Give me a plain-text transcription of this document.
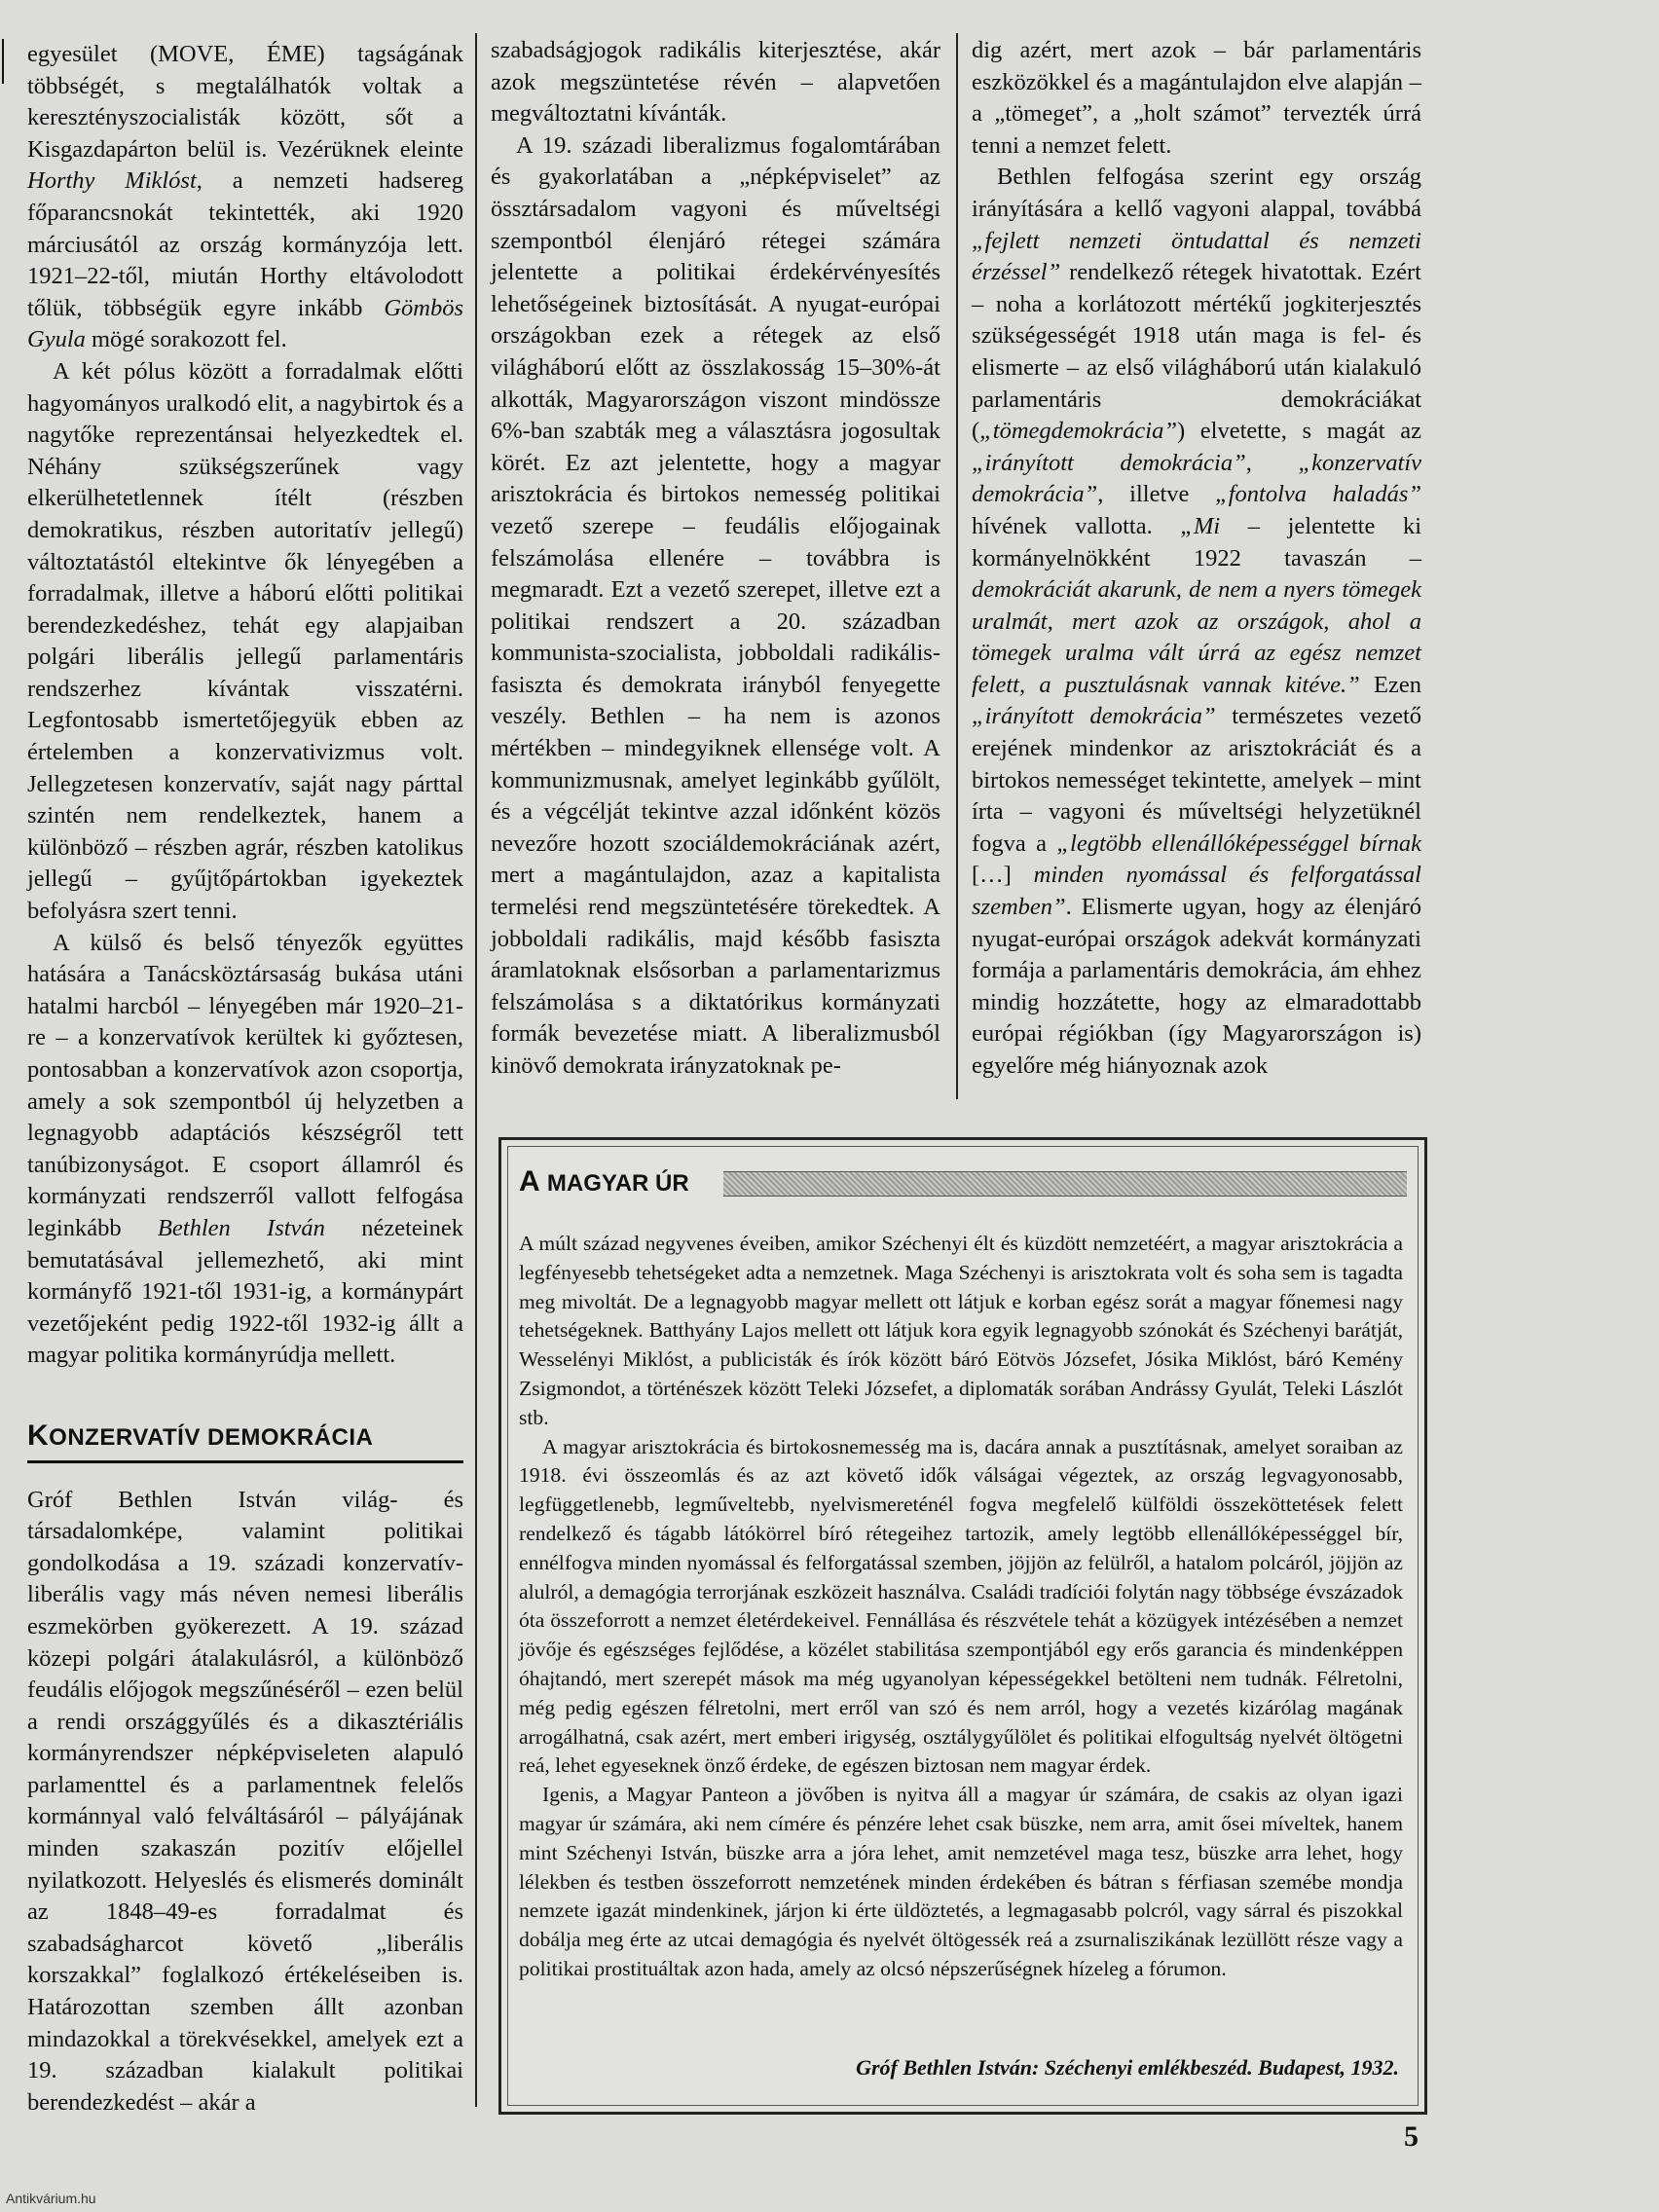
egyesület (MOVE, ÉME) tagságának többségét, s megtalálhatók voltak a keresztényszocialisták között, sőt a Kisgazdapárton belül is. Vezérüknek eleinte Horthy Miklóst, a nemzeti hadsereg főparancsnokát tekintették, aki 1920 márciusától az ország kormányzója lett. 1921–22-től, miután Horthy eltávolodott tőlük, többségük egyre inkább Gömbös Gyula mögé sorakozott fel.

A két pólus között a forradalmak előtti hagyományos uralkodó elit, a nagybirtok és a nagytőke reprezentánsai helyezkedtek el. Néhány szükségszerűnek vagy elkerülhetetlennek ítélt (részben demokratikus, részben autoritatív jellegű) változtatástól eltekintve ők lényegében a forradalmak, illetve a háború előtti politikai berendezkedéshez, tehát egy alapjaiban polgári liberális jellegű parlamentáris rendszerhez kívántak visszatérni. Legfontosabb ismertetőjegyük ebben az értelemben a konzervativizmus volt. Jellegzetesen konzervatív, saját nagy párttal szintén nem rendelkeztek, hanem a különböző – részben agrár, részben katolikus jellegű – gyűjtőpártokban igyekeztek befolyásra szert tenni.

A külső és belső tényezők együttes hatására a Tanácsköztársaság bukása utáni hatalmi harcból – lényegében már 1920–21-re – a konzervatívok kerültek ki győztesen, pontosabban a konzervatívok azon csoportja, amely a sok szempontból új helyzetben a legnagyobb adaptációs készségről tett tanúbizonyságot. E csoport államról és kormányzati rendszerről vallott felfogása leginkább Bethlen István nézeteinek bemutatásával jellemezhető, aki mint kormányfő 1921-től 1931-ig, a kormánypárt vezetőjeként pedig 1922-től 1932-ig állt a magyar politika kormányrúdja mellett.

KONZERVATÍV DEMOKRÁCIA

Gróf Bethlen István világ- és társadalomképe, valamint politikai gondolkodása a 19. századi konzervatív-liberális vagy más néven nemesi liberális eszmekörben gyökerezett. A 19. század közepi polgári átalakulásról, a különböző feudális előjogok megszűnéséről – ezen belül a rendi országgyűlés és a dikasztériális kormányrendszer népképviseleten alapuló parlamenttel és a parlamentnek felelős kormánnyal való felváltásáról – pályájának minden szakaszán pozitív előjellel nyilatkozott. Helyeslés és elismerés dominált az 1848–49-es forradalmat és szabadságharcot követő „liberális korszakkal” foglalkozó értékeléseiben is. Határozottan szemben állt azonban mindazokkal a törekvésekkel, amelyek ezt a 19. században kialakult politikai berendezkedést – akár a

szabadságjogok radikális kiterjesztése, akár azok megszüntetése révén – alapvetően megváltoztatni kívánták.

A 19. századi liberalizmus fogalomtárában és gyakorlatában a „népképviselet” az össztársadalom vagyoni és műveltségi szempontból élenjáró rétegei számára jelentette a politikai érdekérvényesítés lehetőségeinek biztosítását. A nyugat-európai országokban ezek a rétegek az első világháború előtt az összlakosság 15–30%-át alkották, Magyarországon viszont mindössze 6%-ban szabták meg a választásra jogosultak körét. Ez azt jelentette, hogy a magyar arisztokrácia és birtokos nemesség politikai vezető szerepe – feudális előjogainak felszámolása ellenére – továbbra is megmaradt. Ezt a vezető szerepet, illetve ezt a politikai rendszert a 20. században kommunista-szocialista, jobboldali radikális-fasiszta és demokrata irányból fenyegette veszély. Bethlen – ha nem is azonos mértékben – mindegyiknek ellensége volt. A kommunizmusnak, amelyet leginkább gyűlölt, és a végcélját tekintve azzal időnként közös nevezőre hozott szociáldemokráciának azért, mert a magántulajdon, azaz a kapitalista termelési rend megszüntetésére törekedtek. A jobboldali radikális, majd később fasiszta áramlatoknak elsősorban a parlamentarizmus felszámolása s a diktatórikus kormányzati formák bevezetése miatt. A liberalizmusból kinövő demokrata irányzatoknak pe-

dig azért, mert azok – bár parlamentáris eszközökkel és a magántulajdon elve alapján – a „tömeget”, a „holt számot” tervezték úrrá tenni a nemzet felett.

Bethlen felfogása szerint egy ország irányítására a kellő vagyoni alappal, továbbá „fejlett nemzeti öntudattal és nemzeti érzéssel” rendelkező rétegek hivatottak. Ezért – noha a korlátozott mértékű jogkiterjesztés szükségességét 1918 után maga is fel- és elismerte – az első világháború után kialakuló parlamentáris demokráciákat („tömegdemokrácia”) elvetette, s magát az „irányított demokrácia”, „konzervatív demokrácia”, illetve „fontolva haladás” hívének vallotta. „Mi – jelentette ki kormányelnökként 1922 tavaszán – demokráciát akarunk, de nem a nyers tömegek uralmát, mert azok az országok, ahol a tömegek uralma vált úrrá az egész nemzet felett, a pusztulásnak vannak kitéve.” Ezen „irányított demokrácia” természetes vezető erejének mindenkor az arisztokráciát és a birtokos nemességet tekintette, amelyek – mint írta – vagyoni és műveltségi helyzetüknél fogva a „legtöbb ellenállóképességgel bírnak […] minden nyomással és felforgatással szemben”. Elismerte ugyan, hogy az élenjáró nyugat-európai országok adekvát kormányzati formája a parlamentáris demokrácia, ám ehhez mindig hozzátette, hogy az elmaradottabb európai régiókban (így Magyarországon is) egyelőre még hiányoznak azok

A MAGYAR ÚR

A múlt század negyvenes éveiben, amikor Széchenyi élt és küzdött nemzetéért, a magyar arisztokrácia a legfényesebb tehetségeket adta a nemzetnek. Maga Széchenyi is arisztokrata volt és soha sem is tagadta meg mivoltát. De a legnagyobb magyar mellett ott látjuk e korban egész sorát a magyar főnemesi nagy tehetségeknek. Batthyány Lajos mellett ott látjuk kora egyik legnagyobb szónokát és Széchenyi barátját, Wesselényi Miklóst, a publicisták és írók között báró Eötvös Józsefet, Jósika Miklóst, báró Kemény Zsigmondot, a történészek között Teleki Józsefet, a diplomaták sorában Andrássy Gyulát, Teleki Lászlót stb.

A magyar arisztokrácia és birtokosnemesség ma is, dacára annak a pusztításnak, amelyet soraiban az 1918. évi összeomlás és az azt követő idők válságai végeztek, az ország legvagyonosabb, legfüggetlenebb, legműveltebb, nyelvismereténél fogva megfelelő külföldi összeköttetések felett rendelkező és tágabb látókörrel bíró rétegeihez tartozik, amely legtöbb ellenállóképességgel bír, ennélfogva minden nyomással és felforgatással szemben, jöjjön az felülről, a hatalom polcáról, jöjjön az alulról, a demagógia terrorjának eszközeit használva. Családi tradíciói folytán nagy többsége évszázadok óta összeforrott a nemzet életérdekeivel. Fennállása és részvétele tehát a közügyek intézésében a nemzet jövője és egészséges fejlődése, a közélet stabilitása szempontjából egy erős garancia és mindenképpen óhajtandó, mert szerepét mások ma még ugyanolyan képességekkel betölteni nem tudnák. Félretolni, még pedig egészen félretolni, mert erről van szó és nem arról, hogy a vezetés kizárólag magának arrogálhatná, csak azért, mert emberi irigység, osztálygyűlölet és politikai elfogultság nyelvét öltögetni reá, lehet egyeseknek önző érdeke, de egészen biztosan nem magyar érdek.

Igenis, a Magyar Panteon a jövőben is nyitva áll a magyar úr számára, de csakis az olyan igazi magyar úr számára, aki nem címére és pénzére lehet csak büszke, nem arra, amit ősei míveltek, hanem mint Széchenyi István, büszke arra a jóra lehet, amit nemzetével maga tesz, büszke arra lehet, hogy lélekben és testben összeforrott nemzetének minden érdekében és bátran s férfiasan szemébe mondja nemzete igazát mindenkinek, járjon ki érte üldöztetés, a legmagasabb polcról, vagy sárral és piszokkal dobálja meg érte az utcai demagógia és nyelvét öltögessék reá a zsurnaliszikának lezüllött része vagy a politikai prostituáltak azon hada, amely az olcsó népszerűségnek hízeleg a fórumon.

Gróf Bethlen István: Széchenyi emlékbeszéd. Budapest, 1932.
5
Antikvárium.hu
